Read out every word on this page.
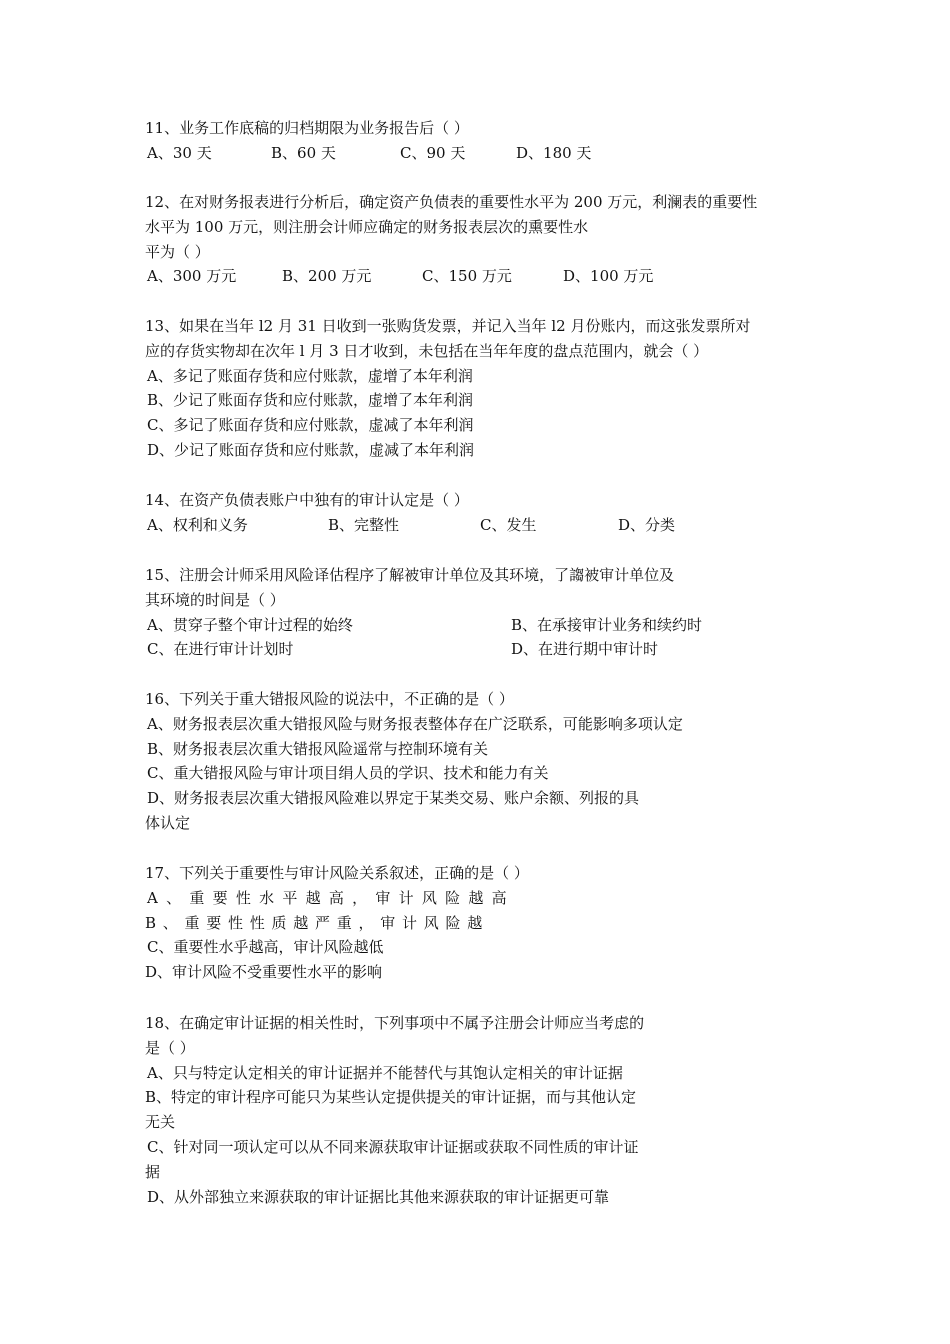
11、业务工作底稿的归档期限为业务报告后（ ）
A、30 天	B、60 天	C、90 天	D、180 天
12、在对财务报表进行分析后，确定资产负债表的重要性水平为 200 万元，利澜表的重要性
水平为 100 万元，则注册会计师应确定的财务报表层次的熏要性水
平为（ ）
A、300 万元	B、200 万元	C、150 万元	D、100 万元
13、如果在当年 l2 月 31 日收到一张购货发票，并记入当年 l2 月份账内，而这张发票所对
应的存货实物却在次年 l 月 3 日才收到，未包括在当年年度的盘点范围内，就会（ ）
A、多记了账面存货和应付账款，虚增了本年利润
B、少记了账面存货和应付账款，虚增了本年利润
C、多记了账面存货和应付账款，虚减了本年利润
D、少记了账面存货和应付账款，虚减了本年利润
14、在资产负债表账户中独有的审计认定是（ ）
A、权利和义务	B、完整性	C、发生	D、分类
15、注册会计师采用风险译估程序了解被审计单位及其环境，了謅被审计单位及
其环境的时间是（ ）
A、贯穿子整个审计过程的始终	B、在承接审计业务和续约时
C、在进行审计计划时	D、在进行期中审计时
16、下列关于重大错报风险的说法中，不正确的是（ ）
A、财务报表层次重大错报风险与财务报表整体存在广泛联系，可能影响多项认定
B、财务报表层次重大错报风险遥常与控制环境有关
C、重大错报风险与审计项目绢人员的学识、技术和能力有关
D、财务报表层次重大错报风险难以界定于某类交易、账户余额、列报的具
体认定
17、下列关于重要性与审计风险关系叙述，正确的是（ ）
A、重要性水平越高，审计风险越高
B、重要性性质越严重，审计风险越
C、重要性水乎越高，审计风险越低
D、审计风险不受重要性水平的影响
18、在确定审计证据的相关性时，下列事项中不属予注册会计师应当考虑的
是（ ）
A、只与特定认定相关的审计证据并不能替代与其饱认定相关的审计证据
B、特定的审计程序可能只为某些认定提供提关的审计证据，而与其他认定
无关
C、针对同一项认定可以从不同来源获取审计证据或获取不同性质的审计证
据
D、从外部独立来源获取的审计证据比其他来源获取的审计证据更可靠
